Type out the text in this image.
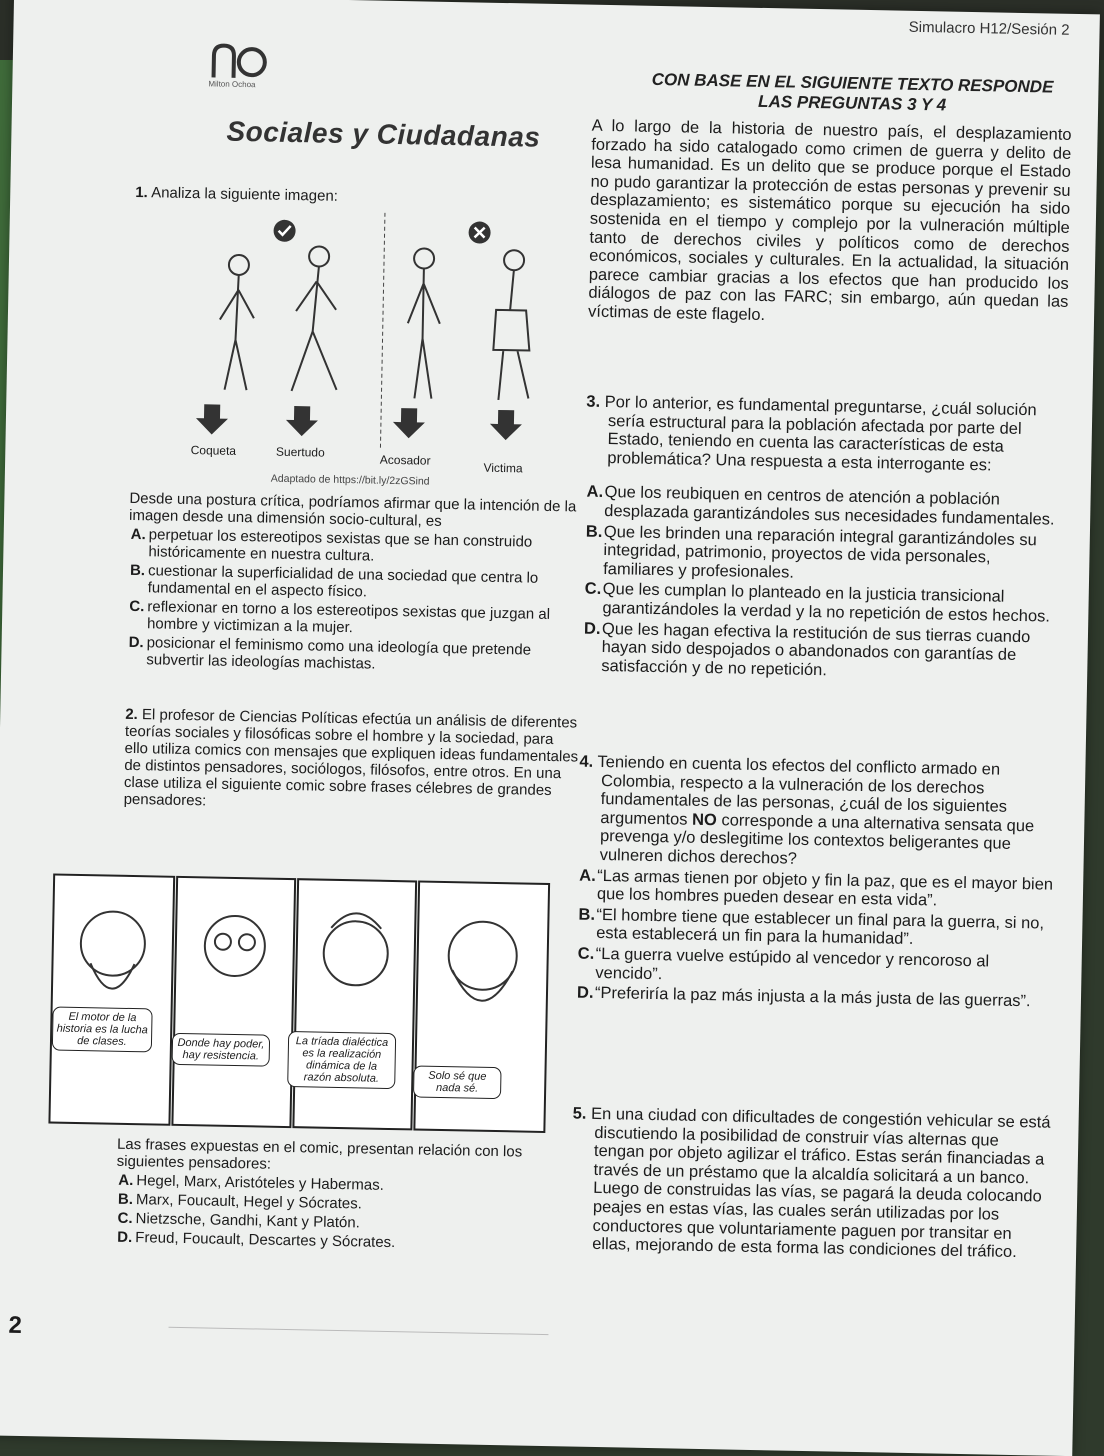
Simulacro H12/Sesión 2
Milton Ochoa	CON BASE EN EL SIGUIENTE TEXTO RESPONDE
LAS PREGUNTAS 3 Y 4
Sociales y Ciudadanas
1. Analiza la siguiente imagen:
Coqueta	Suertudo
Acosador
Victima
Adaptado de https://bit.ly/2zGSind
Desde una postura crítica, podríamos afirmar que la intención de la imagen desde una dimensión socio-cultural, es
A. perpetuar los estereotipos sexistas que se han construido históricamente en nuestra cultura.
B. cuestionar la superficialidad de una sociedad que centra lo fundamental en el aspecto físico.
C. reflexionar en torno a los estereotipos sexistas que juzgan al hombre y victimizan a la mujer.
D. posicionar el feminismo como una ideología que pretende subvertir las ideologías machistas.
2. El profesor de Ciencias Políticas efectúa un análisis de diferentes teorías sociales y filosóficas sobre el hombre y la sociedad, para ello utiliza comics con mensajes que expliquen ideas fundamentales de distintos pensadores, sociólogos, filósofos, entre otros. En una clase utiliza el siguiente comic sobre frases célebres de grandes pensadores:
El motor de la historia es la lucha de clases.	Donde hay poder, hay resistencia.
La tríada dialéctica es la realización dinámica de la razón absoluta.	Solo sé que nada sé.
Las frases expuestas en el comic, presentan relación con los siguientes pensadores:
A. Hegel, Marx, Aristóteles y Habermas.
B. Marx, Foucault, Hegel y Sócrates.
C. Nietzsche, Gandhi, Kant y Platón.
D. Freud, Foucault, Descartes y Sócrates.
A lo largo de la historia de nuestro país, el desplazamiento forzado ha sido catalogado como crimen de guerra y delito de lesa humanidad. Es un delito que se produce porque el Estado no pudo garantizar la protección de estas personas y prevenir su desplazamiento; es sistemático porque su ejecución ha sido sostenida en el tiempo y complejo por la vulneración múltiple tanto de derechos civiles y políticos como de derechos económicos, sociales y culturales. En la actualidad, la situación parece cambiar gracias a los efectos que han producido los diálogos de paz con las FARC; sin embargo, aún quedan las víctimas de este flagelo.
3. Por lo anterior, es fundamental preguntarse, ¿cuál solución sería estructural para la población afectada por parte del Estado, teniendo en cuenta las características de esta problemática? Una respuesta a esta interrogante es:
A.Que los reubiquen en centros de atención a población desplazada garantizándoles sus necesidades fundamentales.
B.Que les brinden una reparación integral garantizándoles su integridad, patrimonio, proyectos de vida personales, familiares y profesionales.
C.Que les cumplan lo planteado en la justicia transicional garantizándoles la verdad y la no repetición de estos hechos.
D.Que les hagan efectiva la restitución de sus tierras cuando hayan sido despojados o abandonados con garantías de satisfacción y de no repetición.
4. Teniendo en cuenta los efectos del conflicto armado en Colombia, respecto a la vulneración de los derechos fundamentales de las personas, ¿cuál de los siguientes argumentos NO corresponde a una alternativa sensata que prevenga y/o deslegitime los contextos beligerantes que vulneren dichos derechos?
A.“Las armas tienen por objeto y fin la paz, que es el mayor bien que los hombres pueden desear en esta vida”.
B.“El hombre tiene que establecer un final para la guerra, si no, esta establecerá un fin para la humanidad”.
C.“La guerra vuelve estúpido al vencedor y rencoroso al vencido”.
D.“Preferiría la paz más injusta a la más justa de las guerras”.
5. En una ciudad con dificultades de congestión vehicular se está discutiendo la posibilidad de construir vías alternas que tengan por objeto agilizar el tráfico. Estas serán financiadas a través de un préstamo que la alcaldía solicitará a un banco. Luego de construidas las vías, se pagará la deuda colocando peajes en estas vías, las cuales serán utilizadas por los conductores que voluntariamente paguen por transitar en ellas, mejorando de esta forma las condiciones del tráfico.
2
